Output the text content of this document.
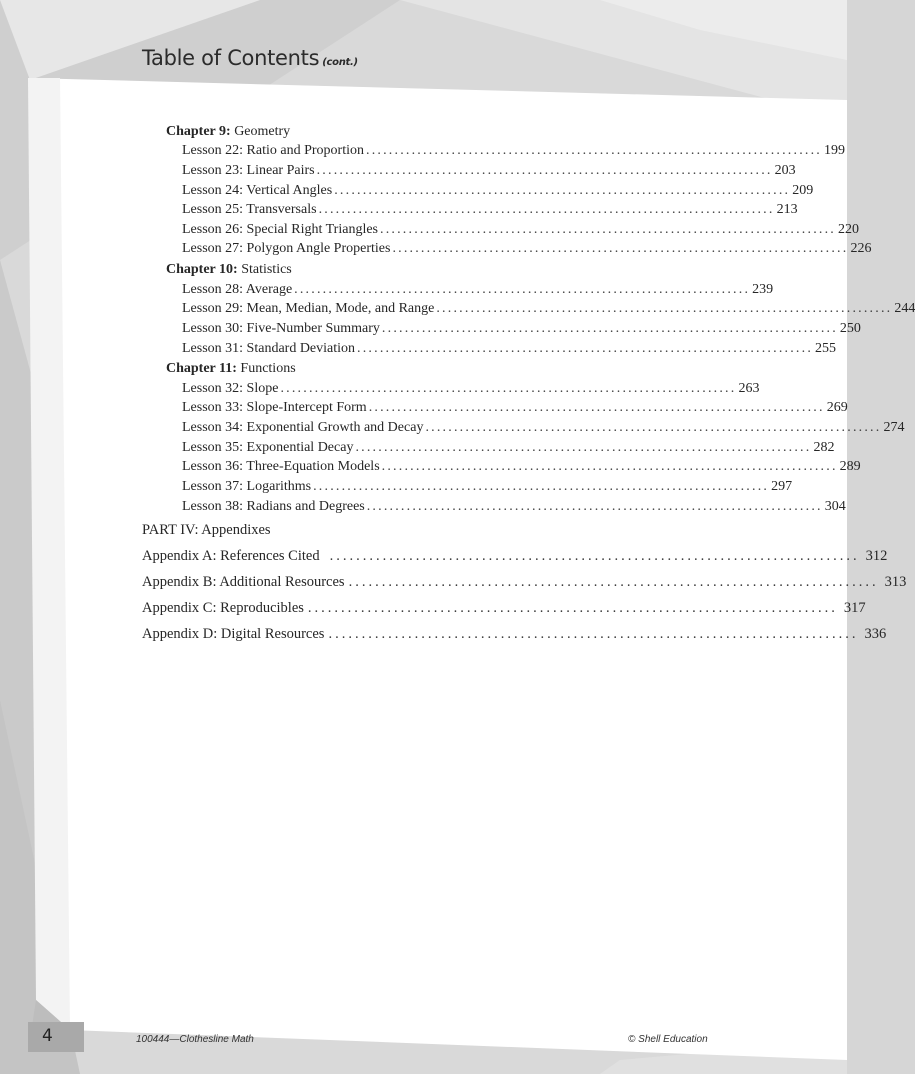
Table of Contents (cont.)
Chapter 9: Geometry
Lesson 22: Ratio and Proportion ................................................................................ 199
Lesson 23: Linear Pairs ................................................................................ 203
Lesson 24: Vertical Angles ................................................................................ 209
Lesson 25: Transversals ................................................................................ 213
Lesson 26: Special Right Triangles ................................................................................ 220
Lesson 27: Polygon Angle Properties ................................................................................ 226
Chapter 10: Statistics
Lesson 28: Average ................................................................................ 239
Lesson 29: Mean, Median, Mode, and Range ................................................................................ 244
Lesson 30: Five-Number Summary ................................................................................ 250
Lesson 31: Standard Deviation ................................................................................ 255
Chapter 11: Functions
Lesson 32: Slope ................................................................................ 263
Lesson 33: Slope-Intercept Form ................................................................................ 269
Lesson 34: Exponential Growth and Decay ................................................................................ 274
Lesson 35: Exponential Decay ................................................................................ 282
Lesson 36: Three-Equation Models ................................................................................ 289
Lesson 37: Logarithms ................................................................................ 297
Lesson 38: Radians and Degrees ................................................................................ 304
PART IV: Appendixes
Appendix A: References Cited ................................................................................ 312
Appendix B: Additional Resources ................................................................................ 313
Appendix C: Reproducibles ................................................................................ 317
Appendix D: Digital Resources ................................................................................ 336
4	100444—Clothesline Math	© Shell Education
